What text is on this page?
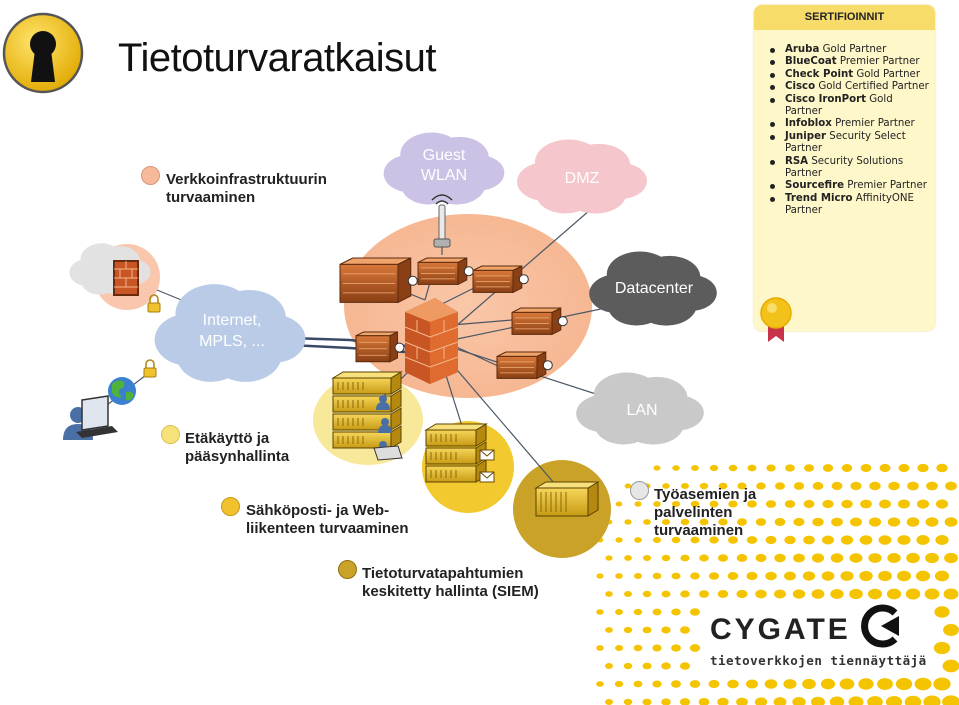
Tietoturvaratkaisut
SERTIFIOINNIT
Aruba Gold Partner
BlueCoat Premier Partner
Check Point Gold Partner
Cisco Gold Certified Partner
Cisco IronPort Gold Partner
Infoblox Premier Partner
Juniper Security Select Partner
RSA Security Solutions Partner
Sourcefire Premier Partner
Trend Micro AffinityONE Partner
Guest
WLAN	DMZ
Datacenter
LAN
Internet,
MPLS, ...
Verkkoinfrastruktuurin
turvaaminen
Etäkäyttö ja
pääsynhallinta
Sähköposti- ja Web-
liikenteen turvaaminen
Tietoturvatapahtumien
keskitetty hallinta (SIEM)
Työasemien ja
palvelinten
turvaaminen
CYGATE
tietoverkkojen tiennäyttäjä
